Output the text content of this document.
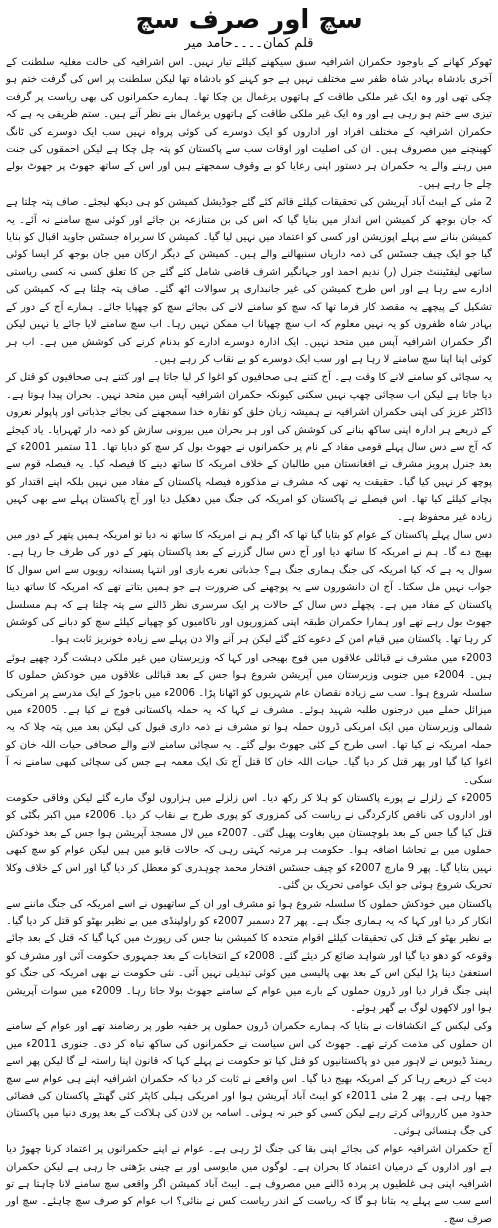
سچ اور صرف سچ
قلم کمان۔۔۔۔حامد میر

ٹھوکر کھانے کے باوجود حکمران اشرافیہ سبق سیکھنے کیلئے تیار نہیں۔ اس اشرافیہ کی حالت مغلیہ سلطنت کے آخری بادشاہ بہادر شاہ ظفر سے مختلف نہیں ہے جو کہنے کو بادشاہ تھا لیکن سلطنت پر اس کی گرفت ختم ہو چکی تھی اور وہ ایک غیر ملکی طاقت کے ہاتھوں یرغمال بن چکا تھا۔ ہمارے حکمرانوں کی بھی ریاست پر گرفت تیزی سے ختم ہو رہی ہے اور وہ ایک غیر ملکی طاقت کے ہاتھوں یرغمال بنے نظر آتے ہیں۔ ستم ظریفی یہ ہے کہ حکمران اشرافیہ کے مختلف افراد اور اداروں کو ایک دوسرے کی کوئی پرواہ نہیں سب ایک دوسرے کی ٹانگ کھینچنے میں مصروف ہیں۔ ان کی اصلیت اور اوقات سب سے پاکستان کو پتہ چل چکا ہے لیکن احمقوں کی جنت میں رہنے والے یہ حکمران ہر دستور اپنی رعایا کو بے وقوف سمجھتے ہیں اور اس کے ساتھ جھوٹ پر جھوٹ بولے چلے جا رہے ہیں۔

2 مئی کے ایبٹ آباد آپریشن کی تحقیقات کیلئے قائم کئے گئے جوڈیشل کمیشن کو ہی دیکھ لیجئے۔ صاف پتہ چلتا ہے کہ جان بوجھ کر کمیشن اس انداز میں بنایا گیا کہ اس کی بن متنازعہ بن جائے اور کوئی سچ سامنے نہ آئے۔ یہ کمیشن بنانے سے پہلے اپوزیشن اور کسی کو اعتماد میں نہیں لیا گیا۔ کمیشن کا سربراہ جسٹس جاوید اقبال کو بنایا گیا جو ایک چیف جسٹس کی ذمہ داریاں سنبھالنے والے ہیں۔ کمیشن کے دیگر ارکان میں جان بوجھ کر ایسا کوئی ساتھی لیفٹیننٹ جنرل (ر) ندیم احمد اور جہانگیر اشرف قاضی شامل کئے گئے جن کا تعلق کسی نہ کسی ریاستی ادارے سے رہا ہے اور اس طرح کمیشن کی غیر جانبداری پر سوالات اٹھ گئے۔ صاف پتہ چلتا ہے کہ کمیشن کی تشکیل کے پیچھے یہ مقصد کار فرما تھا کہ سچ کو سامنے لانے کی بجائے سچ کو چھپایا جائے۔ ہمارے آج کے دور کے بہادر شاہ ظفروں کو یہ نہیں معلوم کہ اب سچ چھپانا اب ممکن نہیں رہا۔ اب سچ سامنے لایا جائے یا نہیں لیکن اگر حکمران اشرافیہ آپس میں متحد نہیں۔ ایک ادارہ دوسرے ادارے کو بدنام کرنے کی کوشش میں ہے۔ اب ہر کوئی اپنا اپنا سچ سامنے لا رہا ہے اور سب ایک دوسرے کو بے نقاب کر رہے ہیں۔

یہ سچائی کو سامنے لانے کا وقت ہے۔ آج کتنے ہی صحافیوں کو اغوا کر لیا جاتا ہے اور کتنے ہی صحافیوں کو قتل کر دیا جاتا ہے لیکن اب سچائی چھپ نہیں سکتی کیونکہ حکمران اشرافیہ آپس میں متحد نہیں۔ بحران پیدا ہوتا ہے۔ ڈاکٹر عزیز کی اپنی حکمران اشرافیہ نے ہمیشہ زبان خلق کو نقارہ خدا سمجھنے کی بجائے جذباتی اور پاپولر نعروں کے ذریعے ہر ادارہ اپنی ساکھ بنانے کی کوشش کی اور ہر بحران میں بیرونی سازش کو ذمہ دار ٹھہرایا۔ یاد کیجئے کہ آج سے دس سال پہلے قومی مفاد کے نام پر حکمرانوں نے جھوٹ بول کر سچ کو دبایا تھا۔ 11 ستمبر 2001ء کے بعد جنرل پرویز مشرف نے افغانستان میں طالبان کے خلاف امریکہ کا ساتھ دینے کا فیصلہ کیا۔ یہ فیصلہ قوم سے پوچھ کر نہیں کیا گیا۔ حقیقت یہ تھی کہ مشرف نے مذکورہ فیصلہ پاکستان کے مفاد میں نہیں بلکہ اپنے اقتدار کو بچانے کیلئے کیا تھا۔ اس فیصلے نے پاکستان کو امریکہ کی جنگ میں دھکیل دیا اور آج پاکستان پہلے سے بھی کہیں زیادہ غیر محفوظ ہے۔

دس سال پہلے پاکستان کے عوام کو بتایا گیا تھا کہ اگر ہم نے امریکہ کا ساتھ نہ دیا تو امریکہ ہمیں پتھر کے دور میں بھیج دے گا۔ ہم نے امریکہ کا ساتھ دیا اور آج دس سال گزرنے کے بعد پاکستان پتھر کے دور کی طرف جا رہا ہے۔ سوال یہ ہے کہ کیا امریکہ کی جنگ ہماری جنگ ہے؟ جذباتی نعرے بازی اور انتہا پسندانہ رویوں سے اس سوال کا جواب نہیں مل سکتا۔ آج ان دانشوروں سے یہ پوچھنے کی ضرورت ہے جو ہمیں بتاتے تھے کہ امریکہ کا ساتھ دینا پاکستان کے مفاد میں ہے۔ پچھلے دس سال کے حالات پر ایک سرسری نظر ڈالنے سے پتہ چلتا ہے کہ ہم مسلسل جھوٹ بول رہے تھے اور ہمارا حکمران طبقہ اپنی کمزوریوں اور ناکامیوں کو چھپانے کیلئے سچ کو دبانے کی کوشش کر رہا تھا۔ پاکستان میں قیام امن کے دعوے کئے گئے لیکن ہر آنے والا دن پہلے سے زیادہ خونریز ثابت ہوا۔

2003ء میں مشرف نے قبائلی علاقوں میں فوج بھیجی اور کہا کہ وزیرستان میں غیر ملکی دہشت گرد چھپے ہوئے ہیں۔ 2004ء میں جنوبی وزیرستان میں آپریشن شروع ہوا جس کے بعد قبائلی علاقوں میں خودکش حملوں کا سلسلہ شروع ہوا۔ سب سے زیادہ نقصان عام شہریوں کو اٹھانا پڑا۔ 2006ء میں باجوڑ کے ایک مدرسے پر امریکی میزائل حملے میں درجنوں طلبہ شہید ہوئے۔ مشرف نے کہا کہ یہ حملہ پاکستانی فوج نے کیا ہے۔ 2005ء میں شمالی وزیرستان میں ایک امریکی ڈرون حملہ ہوا تو مشرف نے ذمہ داری قبول کی لیکن بعد میں پتہ چلا کہ یہ حملہ امریکہ نے کیا تھا۔ اسی طرح کے کئی جھوٹ بولے گئے۔ یہ سچائی سامنے لانے والے صحافی حیات اللہ خان کو اغوا کیا گیا اور پھر قتل کر دیا گیا۔ حیات اللہ خان کا قتل آج تک ایک معمہ ہے جس کی سچائی کبھی سامنے نہ آ سکی۔

2005ء کے زلزلے نے پورے پاکستان کو ہلا کر رکھ دیا۔ اس زلزلے میں ہزاروں لوگ مارے گئے لیکن وفاقی حکومت اور اداروں کی ناقص کارکردگی نے ریاست کی کمزوری کو پوری طرح بے نقاب کر دیا۔ 2006ء میں اکبر بگٹی کو قتل کیا گیا جس کے بعد بلوچستان میں بغاوت پھیل گئی۔ 2007ء میں لال مسجد آپریشن ہوا جس کے بعد خودکش حملوں میں بے تحاشا اضافہ ہوا۔ حکومت ہر مرتبہ کہتی رہی کہ حالات قابو میں ہیں لیکن عوام کو سچ کبھی نہیں بتایا گیا۔ پھر 9 مارچ 2007ء کو چیف جسٹس افتخار محمد چوہدری کو معطل کر دیا گیا اور اس کے خلاف وکلا تحریک شروع ہوئی جو ایک عوامی تحریک بن گئی۔

پاکستان میں خودکش حملوں کا سلسلہ شروع ہوا تو مشرف اور ان کے ساتھیوں نے اسے امریکہ کی جنگ ماننے سے انکار کر دیا اور کہا کہ یہ ہماری جنگ ہے۔ پھر 27 دسمبر 2007ء کو راولپنڈی میں بے نظیر بھٹو کو قتل کر دیا گیا۔ بے نظیر بھٹو کے قتل کی تحقیقات کیلئے اقوام متحدہ کا کمیشن بنا جس کی رپورٹ میں کہا گیا کہ قتل کے بعد جائے وقوعہ کو دھو دیا گیا اور شواہد ضائع کر دیئے گئے۔ 2008ء کے انتخابات کے بعد جمہوری حکومت آئی اور مشرف کو استعفیٰ دینا پڑا لیکن اس کے بعد بھی پالیسی میں کوئی تبدیلی نہیں آئی۔ نئی حکومت نے بھی امریکہ کی جنگ کو اپنی جنگ قرار دیا اور ڈرون حملوں کے بارے میں عوام کے سامنے جھوٹ بولا جاتا رہا۔ 2009ء میں سوات آپریشن ہوا اور لاکھوں لوگ بے گھر ہوئے۔

وکی لیکس کے انکشافات نے بتایا کہ ہمارے حکمران ڈرون حملوں پر خفیہ طور پر رضامند تھے اور عوام کے سامنے ان حملوں کی مذمت کرتے تھے۔ جھوٹ کی اس سیاست نے حکمرانوں کی ساکھ تباہ کر دی۔ جنوری 2011ء میں ریمنڈ ڈیوس نے لاہور میں دو پاکستانیوں کو قتل کیا تو حکومت نے پہلے کہا کہ قانون اپنا راستہ لے گا لیکن پھر اسے دیت کے ذریعے رہا کر کے امریکہ بھیج دیا گیا۔ اس واقعے نے ثابت کر دیا کہ حکمران اشرافیہ اپنے ہی عوام سے سچ چھپا رہی ہے۔ پھر 2 مئی 2011ء کو ایبٹ آباد آپریشن ہوا اور امریکی ہیلی کاپٹر کئی گھنٹے پاکستان کی فضائی حدود میں کارروائی کرتے رہے لیکن کسی کو خبر نہ ہوئی۔ اسامہ بن لادن کی ہلاکت کے بعد پوری دنیا میں پاکستان کی جگ ہنسائی ہوئی۔

آج حکمران اشرافیہ عوام کی بجائے اپنی بقا کی جنگ لڑ رہی ہے۔ عوام نے اپنے حکمرانوں پر اعتماد کرنا چھوڑ دیا ہے اور اداروں کے درمیان اعتماد کا بحران ہے۔ لوگوں میں مایوسی اور بے چینی بڑھتی جا رہی ہے لیکن حکمران اشرافیہ اپنی ہی غلطیوں پر پردہ ڈالنے میں مصروف ہے۔ ایبٹ آباد کمیشن اگر واقعی سچ سامنے لانا چاہتا ہے تو اسے سب سے پہلے یہ بتانا ہو گا کہ ریاست کے اندر ریاست کس نے بنائی؟ اب عوام کو صرف سچ چاہئے۔ سچ اور صرف سچ۔
